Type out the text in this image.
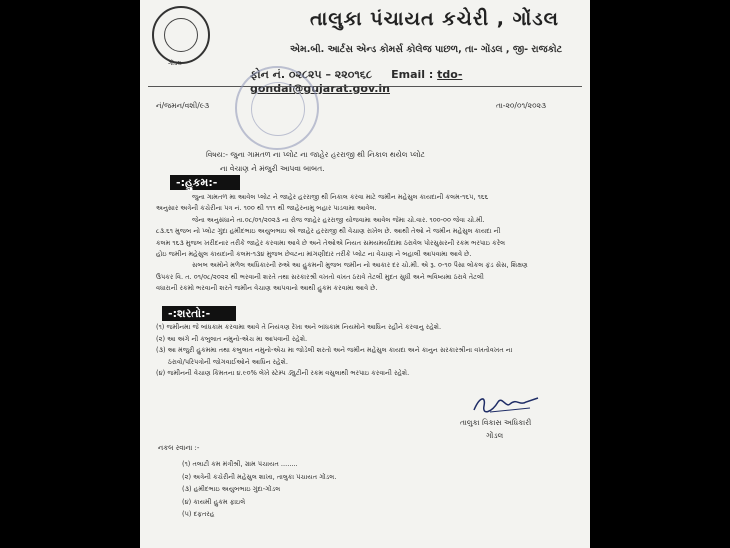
ગોંડલ
તાલુકા પંચાયત કચેરી , ગોંડલ
એમ.બી. આર્ટસ એન્ડ કોમર્સ કોલેજ પાછળ, તા- ગોંડલ , જી- રાજકોટ
ફોન નં. ૦૨૮૨૫ – ૨૨૦૧૬૮ Email : tdo-gondal@gujarat.gov.in
નં/જમન/વશી/૯૩	તા-૨૦/૦૧/૨૦૨૩
વિષય:- જુના ગામતળ ના પ્લોટ ના જાહેર હરરાજી થી નિકાલ થયેલ પ્લોટ
ના વેચાણ ને મંજુરી આપવા બાબત.
-:હુકમ:-

જુના ગામતળ મા આવેલ પ્લોટ ને જાહેર હરરાજી થી નિકાલ કરવા માટે જમીન મહેસુલ કાયદાની કલમ-૧૬૫, ૧૬૬

અનુસાર અત્રેની કચેરીના પત્ર નં. ૧૦૦ થી ૧૧૧ થી જાહેરનામુ બહાર પાડવામા આવેલ.

જેના અનુસંધાને તા.૦૮/૦૧/૨૦૨૩ ના રોજ જાહેર હરરાજી યોજવામા આવેલ જેમા ચો.વાર. ૧૦૦-૦૦ જેવા ચો.મી.

૮૩.૬૧ મુજબ નો પ્લોટ ગુંદા હમીદભાઇ અયુબભાઇ એ જાહેર હરરાજી થી વેચાણ રાખેલ છે. આથી તેઓ ને જમીન મહેસુલ કાયદા ની

કલમ ૧૬૩ મુજબ ખરીદનાર તરીકે જાહેર કરવામા આવે છે અને તેઓએ નિયત સમયમર્યાદામા ઠરાવેલ પોરસુસરની રકમ ભરપાઇ કરેલ

હોઇ જમીન મહેસુલ કાયદાની કલમ-૧૩૪ મુજબ છેવટના માંગણીદાર તરીકે પ્લોટ ના વેચાણ ને બહાલી આપવામા આવે છે.

સબબ અમોને મળેલ અધિકારની રુએ આ હુકમની મુજબ જમીન નો આકાર દર ચો.મી. એ રૂ. ૦-૧૦ પૈસા લોકલ ફંડ સેસ, શિક્ષણ

ઉપકર વિ. ત. ૦૧/૦૮/૨૦૨૨ થી ભરવાની શરતે તથા સરકારશ્રી વખતો વખત ઠરાવે તેટલી મુદત સુધી અને ભવિષ્યમા ઠરાવે તેટલી

વધારાની રકમો ભરવાની શરતે જમીન વેચાણ આપવાનો આથી હુકમ કરવામા આવે છે.

-:શરતો:-
(૧) જમીનમા જે બાંધકામ કરવામા આવે તે નિયંત્રણ રેખા અને બાંધકામ નિયમોને આધિન રહીને કરવાનુ રહેશે.
(૨) આ અંગે ની કબુલાત નમુનો-એચ મા આપવાની રહેશે.
(૩) આ મંજુરી હુકમમા તથા કબુલાત નમુનો-એચ મા જોડેલી શરતો અને જમીન મહેસુલ કાયદા અને કાનુન સરકારશ્રીના વખતોવખત ના
ઠરાવો/પરિપત્રોની જોગવાઈઓને આધિન રહેશે.
(૪) જમીનની વેચાણ કિંમતના ૪.૯૦% લેખે સ્ટેમ્પ ડ્યુટીની રકમ વસુલાથી ભરપાઇ કરવાની રહેશે.
તાલુકા વિકાસ અધિકારી
ગોંડલ
નકલ રવાના :-
(૧) તલાટી કમ મંત્રીશ્રી, ગ્રામ પંચાયત ........
(૨) અત્રેની કચેરીની મહેસુલ શાખા, તાલુકા પંચાયત ગોંડલ.
(૩) હમીદભાઇ અયુબભાઇ ગુંદા-ગોંડલ
(૪) કાયમી હુકમ ફાઇલે
(૫) દફતરહ
